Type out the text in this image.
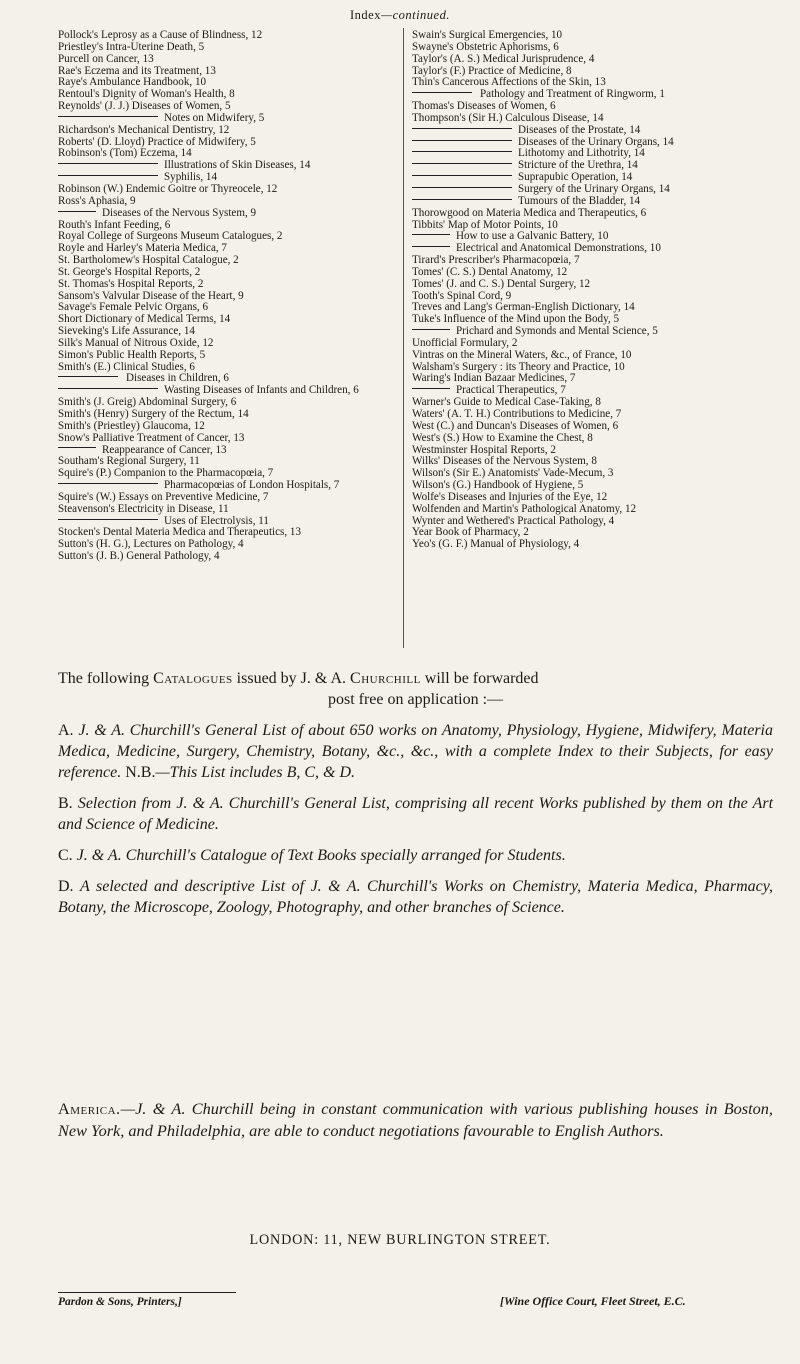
Index—continued.
Pollock's Leprosy as a Cause of Blindness, 12
Priestley's Intra-Uterine Death, 5
Purcell on Cancer, 13
Rae's Eczema and its Treatment, 13
Raye's Ambulance Handbook, 10
Rentoul's Dignity of Woman's Health, 8
Reynolds' (J. J.) Diseases of Women, 5
Notes on Midwifery, 5
Richardson's Mechanical Dentistry, 12
Roberts' (D. Lloyd) Practice of Midwifery, 5
Robinson's (Tom) Eczema, 14
Illustrations of Skin Diseases, 14
Syphilis, 14
Robinson (W.) Endemic Goitre or Thyreocele, 12
Ross's Aphasia, 9
Diseases of the Nervous System, 9
Routh's Infant Feeding, 6
Royal College of Surgeons Museum Catalogues, 2
Royle and Harley's Materia Medica, 7
St. Bartholomew's Hospital Catalogue, 2
St. George's Hospital Reports, 2
St. Thomas's Hospital Reports, 2
Sansom's Valvular Disease of the Heart, 9
Savage's Female Pelvic Organs, 6
Short Dictionary of Medical Terms, 14
Sieveking's Life Assurance, 14
Silk's Manual of Nitrous Oxide, 12
Simon's Public Health Reports, 5
Smith's (E.) Clinical Studies, 6
Diseases in Children, 6
Wasting Diseases of Infants and Children, 6
Smith's (J. Greig) Abdominal Surgery, 6
Smith's (Henry) Surgery of the Rectum, 14
Smith's (Priestley) Glaucoma, 12
Snow's Palliative Treatment of Cancer, 13
Reappearance of Cancer, 13
Southam's Regional Surgery, 11
Squire's (P.) Companion to the Pharmacopœia, 7
Pharmacopœias of London Hospitals, 7
Squire's (W.) Essays on Preventive Medicine, 7
Steavenson's Electricity in Disease, 11
Uses of Electrolysis, 11
Stocken's Dental Materia Medica and Therapeutics, 13
Sutton's (H. G.), Lectures on Pathology, 4
Sutton's (J. B.) General Pathology, 4
Swain's Surgical Emergencies, 10
Swayne's Obstetric Aphorisms, 6
Taylor's (A. S.) Medical Jurisprudence, 4
Taylor's (F.) Practice of Medicine, 8
Thin's Cancerous Affections of the Skin, 13
Pathology and Treatment of Ringworm, 1
Thomas's Diseases of Women, 6
Thompson's (Sir H.) Calculous Disease, 14
Diseases of the Prostate, 14
Diseases of the Urinary Organs, 14
Lithotomy and Lithotrity, 14
Stricture of the Urethra, 14
Suprapubic Operation, 14
Surgery of the Urinary Organs, 14
Tumours of the Bladder, 14
Thorowgood on Materia Medica and Therapeutics, 6
Tibbits' Map of Motor Points, 10
How to use a Galvanic Battery, 10
Electrical and Anatomical Demonstrations, 10
Tirard's Prescriber's Pharmacopœia, 7
Tomes' (C. S.) Dental Anatomy, 12
Tomes' (J. and C. S.) Dental Surgery, 12
Tooth's Spinal Cord, 9
Treves and Lang's German-English Dictionary, 14
Tuke's Influence of the Mind upon the Body, 5
Prichard and Symonds and Mental Science, 5
Unofficial Formulary, 2
Vintras on the Mineral Waters, &c., of France, 10
Walsham's Surgery : its Theory and Practice, 10
Waring's Indian Bazaar Medicines, 7
Practical Therapeutics, 7
Warner's Guide to Medical Case-Taking, 8
Waters' (A. T. H.) Contributions to Medicine, 7
West (C.) and Duncan's Diseases of Women, 6
West's (S.) How to Examine the Chest, 8
Westminster Hospital Reports, 2
Wilks' Diseases of the Nervous System, 8
Wilson's (Sir E.) Anatomists' Vade-Mecum, 3
Wilson's (G.) Handbook of Hygiene, 5
Wolfe's Diseases and Injuries of the Eye, 12
Wolfenden and Martin's Pathological Anatomy, 12
Wynter and Wethered's Practical Pathology, 4
Year Book of Pharmacy, 2
Yeo's (G. F.) Manual of Physiology, 4
The following Catalogues issued by J. & A. Churchill will be forwarded
post free on application :—
A. J. & A. Churchill's General List of about 650 works on Anatomy, Physiology, Hygiene, Midwifery, Materia Medica, Medicine, Surgery, Chemistry, Botany, &c., &c., with a complete Index to their Subjects, for easy reference. N.B.—This List includes B, C, & D.
B. Selection from J. & A. Churchill's General List, comprising all recent Works published by them on the Art and Science of Medicine.
C. J. & A. Churchill's Catalogue of Text Books specially arranged for Students.
D. A selected and descriptive List of J. & A. Churchill's Works on Chemistry, Materia Medica, Pharmacy, Botany, the Microscope, Zoology, Photography, and other branches of Science.
America.—J. & A. Churchill being in constant communication with various publishing houses in Boston, New York, and Philadelphia, are able to conduct negotiations favourable to English Authors.
LONDON: 11, NEW BURLINGTON STREET.
Pardon & Sons, Printers,]	[Wine Office Court, Fleet Street, E.C.
